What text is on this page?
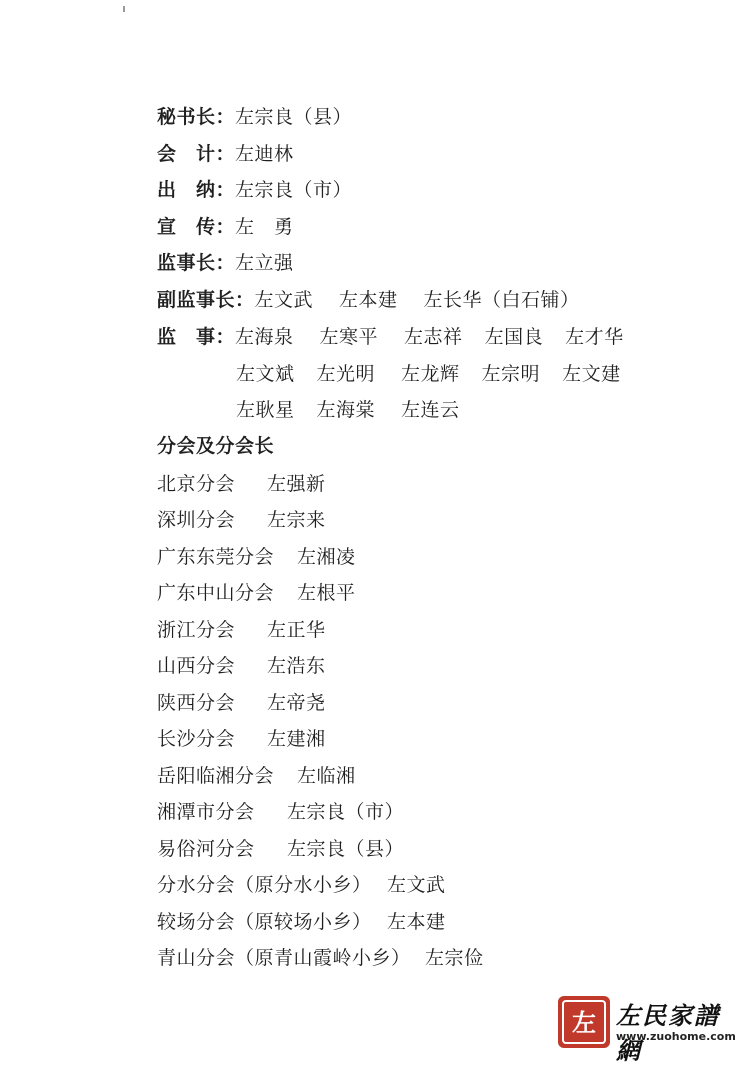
秘书长：左宗良（县）
会　计：左迪林
出　纳：左宗良（市）
宣　传：左　勇
监事长：左立强
副监事长：左文武 左本建 左长华（白石铺）
监　事：左海泉 左寒平 左志祥 左国良 左才华
左文斌 左光明 左龙辉 左宗明 左文建
左耿星 左海棠 左连云
分会及分会长
北京分会 左强新
深圳分会 左宗来
广东东莞分会 左湘凌
广东中山分会 左根平
浙江分会 左正华
山西分会 左浩东
陕西分会 左帝尧
长沙分会 左建湘
岳阳临湘分会 左临湘
湘潭市分会 左宗良（市）
易俗河分会 左宗良（县）
分水分会（原分水小乡） 左文武
较场分会（原较场小乡） 左本建
青山分会（原青山霞岭小乡） 左宗俭
左 左民家譜網
www.zuohome.com
